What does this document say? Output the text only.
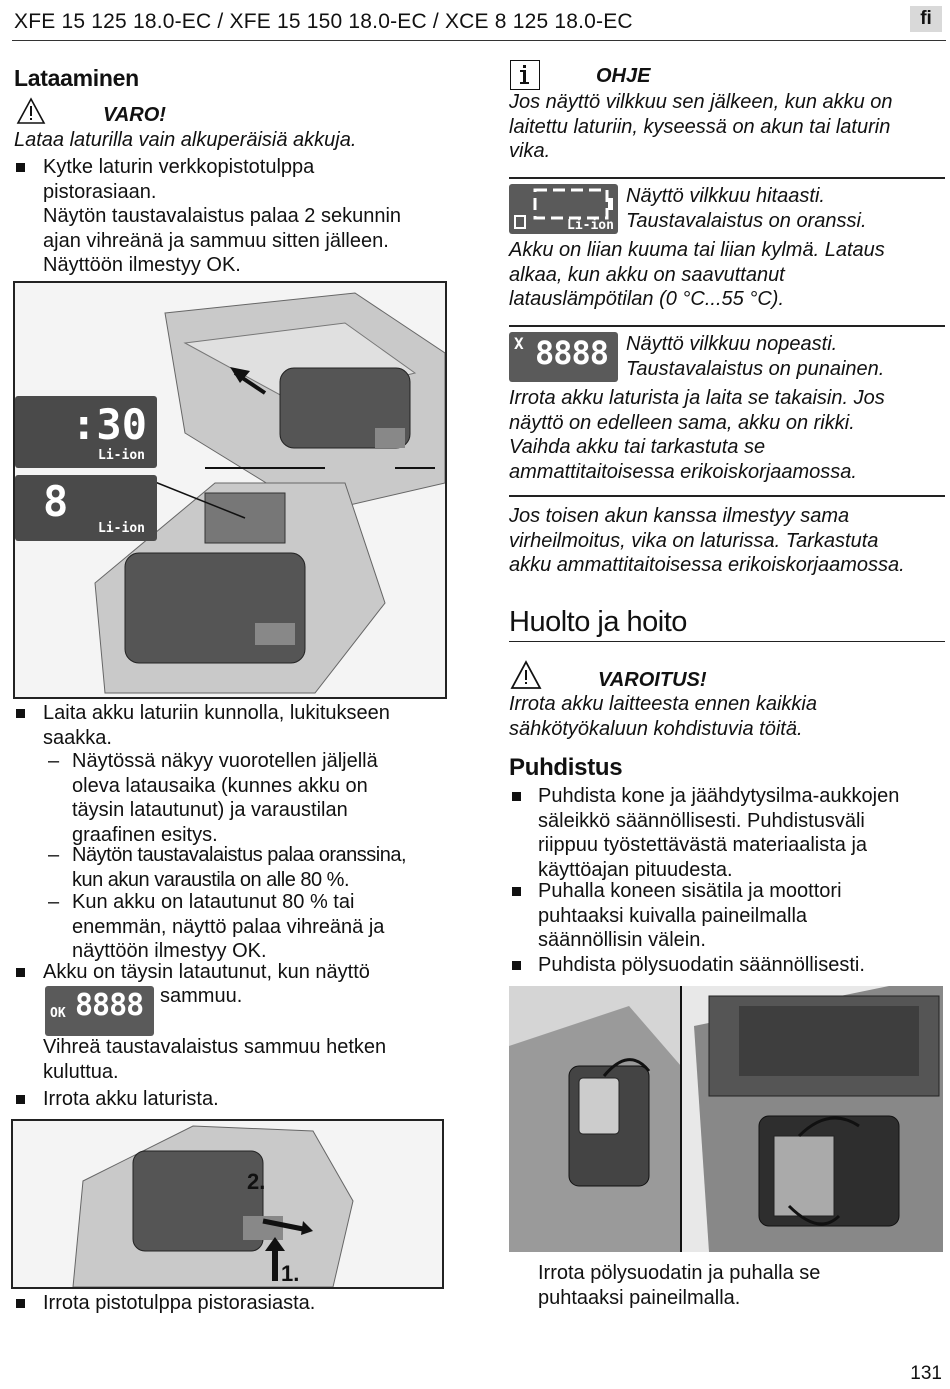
XFE 15 125 18.0-EC / XFE 15 150 18.0-EC / XCE 8 125 18.0-EC	fi
Lataaminen
VARO!
Lataa laturilla vain alkuperäisiä akkuja.
Kytke laturin verkkopistotulppa
pistorasiaan.
Näytön taustavalaistus palaa 2 sekunnin
ajan vihreänä ja sammuu sitten jälleen.
Näyttöön ilmestyy OK.
:30
Li-ion
8
Li-ion
Laita akku laturiin kunnolla, lukitukseen
saakka.
– Näytössä näkyy vuorotellen jäljellä
oleva latausaika (kunnes akku on
täysin latautunut) ja varaustilan
graafinen esitys.
– Näytön taustavalaistus palaa oranssina,
kun akun varaustila on alle 80 %.
– Kun akku on latautunut 80 % tai
enemmän, näyttö palaa vihreänä ja
näyttöön ilmestyy OK.
Akku on täysin latautunut, kun näyttö
OK 8888 sammuu.
Vihreä taustavalaistus sammuu hetken
kuluttua.
Irrota akku laturista.
2.
1.
Irrota pistotulppa pistorasiasta.
OHJE
Jos näyttö vilkkuu sen jälkeen, kun akku on
laitettu laturiin, kyseessä on akun tai laturin
vika.
Li-ion
Näyttö vilkkuu hitaasti.
Taustavalaistus on oranssi.
Akku on liian kuuma tai liian kylmä. Lataus
alkaa, kun akku on saavuttanut
latauslämpötilan (0 °C...55 °C).
X 8888 Näyttö vilkkuu nopeasti.
Taustavalaistus on punainen.
Irrota akku laturista ja laita se takaisin. Jos
näyttö on edelleen sama, akku on rikki.
Vaihda akku tai tarkastuta se
ammattitaitoisessa erikoiskorjaamossa.
Jos toisen akun kanssa ilmestyy sama
virheilmoitus, vika on laturissa. Tarkastuta
akku ammattitaitoisessa erikoiskorjaamossa.
Huolto ja hoito
VAROITUS!
Irrota akku laitteesta ennen kaikkia
sähkötyökaluun kohdistuvia töitä.
Puhdistus
Puhdista kone ja jäähdytysilma-aukkojen
säleikkö säännöllisesti. Puhdistusväli
riippuu työstettävästä materiaalista ja
käyttöajan pituudesta.
Puhalla koneen sisätila ja moottori
puhtaaksi kuivalla paineilmalla
säännöllisin välein.
Puhdista pölysuodatin säännöllisesti.
Irrota pölysuodatin ja puhalla se
puhtaaksi paineilmalla.
131
